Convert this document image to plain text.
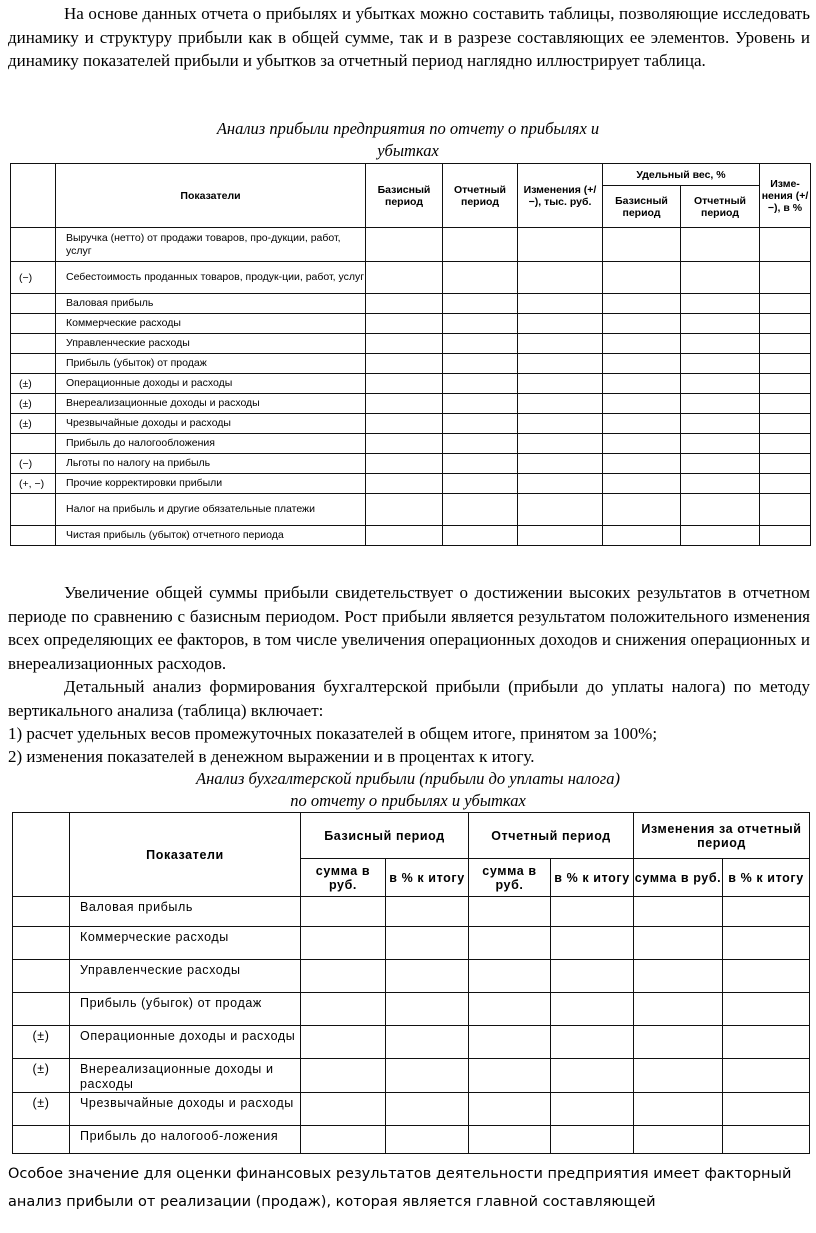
На основе данных отчета о прибылях и убытках можно составить таблицы, позволяющие исследовать динамику и структуру прибыли как в общей сумме, так и в разрезе составляющих ее элементов. Уровень и динамику показателей прибыли и убытков за отчетный период наглядно иллюстрирует таблица.

Анализ прибыли предприятия по отчету о прибылях и

убытках

	Показатели	Базисный период	Отчетный период	Изменения (+/−), тыс. руб.	Удельный вес, %		Изме-нения (+/−), в %
					Базисный период	Отчетный период	
	Выручка (нетто) от продажи товаров, про-дукции, работ, услуг						
(−)	Себестоимость проданных товаров, продук-ции, работ, услуг						
	Валовая прибыль						
	Коммерческие расходы						
	Управленческие расходы						
	Прибыль (убыток) от продаж						
(±)	Операционные доходы и расходы						
(±)	Внереализационные доходы и расходы						
(±)	Чрезвычайные доходы и расходы						
	Прибыль до налогообложения						
(−)	Льготы по налогу на прибыль						
(+, −)	Прочие корректировки прибыли						
	Налог на прибыль и другие обязательные платежи						
	Чистая прибыль (убыток) отчетного периода						

Увеличение общей суммы прибыли свидетельствует о достижении высоких результатов в отчетном периоде по сравнению с базисным периодом. Рост прибыли является результатом положительного изменения всех определяющих ее факторов, в том числе увеличения операционных доходов и снижения операционных и внереализационных расходов.

Детальный анализ формирования бухгалтерской прибыли (прибыли до уплаты налога) по методу вертикального анализа (таблица) включает:

1) расчет удельных весов промежуточных показателей в общем итоге, принятом за 100%;

2) изменения показателей в денежном выражении и в процентах к итогу.

Анализ бухгалтерской прибыли (прибыли до уплаты налога)

по отчету о прибылях и убытках

	Показатели	Базисный период		Отчетный период		Изменения за отчетный период	
		сумма в руб.	в % к итогу	сумма в руб.	в % к итогу	сумма в руб.	в % к итогу
	Валовая прибыль						
	Коммерческие расходы						
	Управленческие расходы						
	Прибыль (убыгок) от продаж						
(±)	Операционные доходы и расходы						
(±)	Внереализационные доходы и расходы						
(±)	Чрезвычайные доходы и расходы						
	Прибыль до налогооб-ложения						

Особое значение для оценки финансовых результатов деятельности предприятия имеет факторный анализ прибыли от реализации (продаж), которая является главной составляющей
